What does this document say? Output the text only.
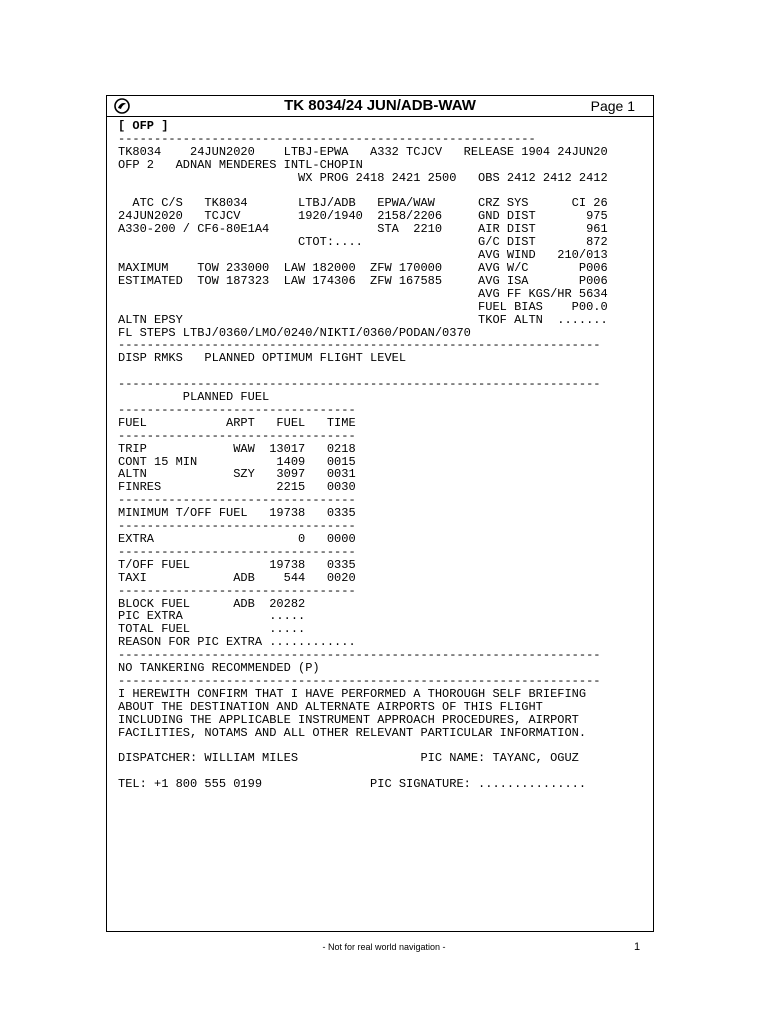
TK 8034/24 JUN/ADB-WAW	Page 1
[ OFP ]
----------------------------------------------------------
TK8034    24JUN2020    LTBJ-EPWA   A332 TCJCV   RELEASE 1904 24JUN20
OFP 2   ADNAN MENDERES INTL-CHOPIN
WX PROG 2418 2421 2500   OBS 2412 2412 2412

ATC C/S   TK8034       LTBJ/ADB   EPWA/WAW      CRZ SYS      CI 26
24JUN2020   TCJCV        1920/1940  2158/2206     GND DIST       975
A330-200 / CF6-80E1A4               STA  2210     AIR DIST       961
CTOT:....                G/C DIST       872
AVG WIND   210/013
MAXIMUM    TOW 233000  LAW 182000  ZFW 170000     AVG W/C       P006
ESTIMATED  TOW 187323  LAW 174306  ZFW 167585     AVG ISA       P006
AVG FF KGS/HR 5634
FUEL BIAS    P00.0
ALTN EPSY                                         TKOF ALTN  .......
FL STEPS LTBJ/0360/LMO/0240/NIKTI/0360/PODAN/0370
-------------------------------------------------------------------
DISP RMKS   PLANNED OPTIMUM FLIGHT LEVEL

-------------------------------------------------------------------
PLANNED FUEL
---------------------------------
FUEL           ARPT   FUEL   TIME
---------------------------------
TRIP            WAW  13017   0218
CONT 15 MIN           1409   0015
ALTN            SZY   3097   0031
FINRES                2215   0030
---------------------------------
MINIMUM T/OFF FUEL   19738   0335
---------------------------------
EXTRA                    0   0000
---------------------------------
T/OFF FUEL           19738   0335
TAXI            ADB    544   0020
---------------------------------
BLOCK FUEL      ADB  20282
PIC EXTRA            .....
TOTAL FUEL           .....
REASON FOR PIC EXTRA ............
-------------------------------------------------------------------
NO TANKERING RECOMMENDED (P)
-------------------------------------------------------------------
I HEREWITH CONFIRM THAT I HAVE PERFORMED A THOROUGH SELF BRIEFING
ABOUT THE DESTINATION AND ALTERNATE AIRPORTS OF THIS FLIGHT
INCLUDING THE APPLICABLE INSTRUMENT APPROACH PROCEDURES, AIRPORT
FACILITIES, NOTAMS AND ALL OTHER RELEVANT PARTICULAR INFORMATION.

DISPATCHER: WILLIAM MILES                 PIC NAME: TAYANC, OGUZ

TEL: +1 800 555 0199               PIC SIGNATURE: ...............
- Not for real world navigation -	1
